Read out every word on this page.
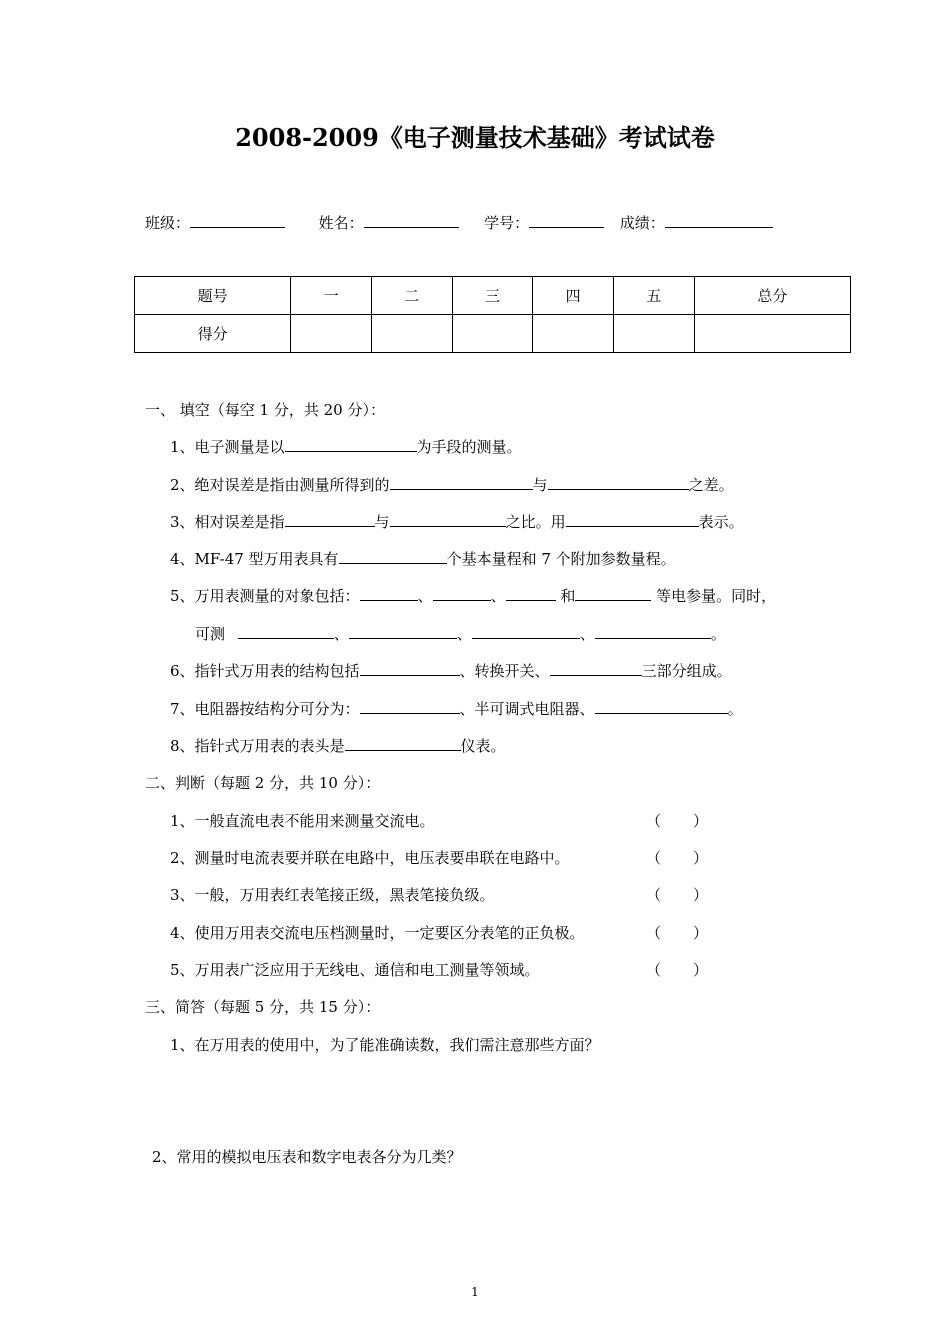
2008-2009《电子测量技术基础》考试试卷
班级：	姓名：	学号：	成绩：
题号	一	二	三	四	五	总分
得分						
一、 填空（每空 1 分，共 20 分）：
1、电子测量是以	为手段的测量。
2、绝对误差是指由测量所得到的	与	之差。
3、相对误差是指	与	之比。用	表示。
4、MF-47 型万用表具有	个基本量程和 7 个附加参数量程。
5、万用表测量的对象包括：	、	、	和	等电参量。同时，
可测	、	、	、	。
6、指针式万用表的结构包括	、转换开关、	三部分组成。
7、电阻器按结构分可分为：	、半可调式电阻器、	。
8、指针式万用表的表头是	仪表。
二、判断（每题 2 分，共 10 分）：
1、一般直流电表不能用来测量交流电。	（ ）
2、测量时电流表要并联在电路中，电压表要串联在电路中。	（ ）
3、一般，万用表红表笔接正级，黑表笔接负级。	（ ）
4、使用万用表交流电压档测量时，一定要区分表笔的正负极。	（ ）
5、万用表广泛应用于无线电、通信和电工测量等领域。	（ ）
三、简答（每题 5 分，共 15 分）：
1、在万用表的使用中，为了能准确读数，我们需注意那些方面？
2、常用的模拟电压表和数字电表各分为几类？
1
